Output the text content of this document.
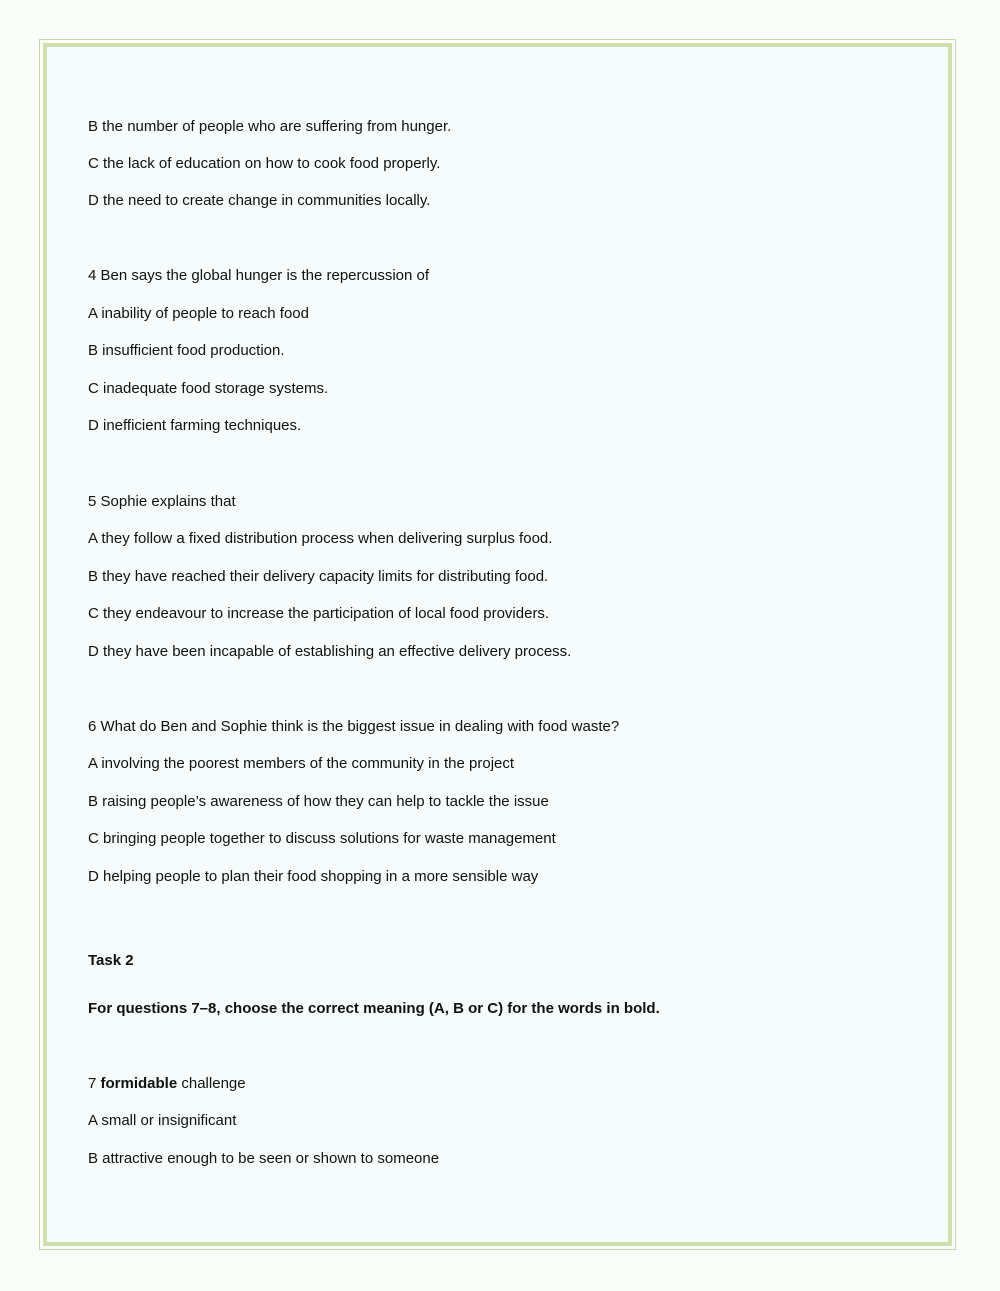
B the number of people who are suffering from hunger.
C the lack of education on how to cook food properly.
D the need to create change in communities locally.
4 Ben says the global hunger is the repercussion of
A inability of people to reach food
B insufficient food production.
C inadequate food storage systems.
D inefficient farming techniques.
5 Sophie explains that
A they follow a fixed distribution process when delivering surplus food.
B they have reached their delivery capacity limits for distributing food.
C they endeavour to increase the participation of local food providers.
D they have been incapable of establishing an effective delivery process.
6 What do Ben and Sophie think is the biggest issue in dealing with food waste?
A involving the poorest members of the community in the project
B raising people’s awareness of how they can help to tackle the issue
C bringing people together to discuss solutions for waste management
D helping people to plan their food shopping in a more sensible way
Task 2
For questions 7–8, choose the correct meaning (A, B or C) for the words in bold.
7 formidable challenge
A small or insignificant
B attractive enough to be seen or shown to someone
